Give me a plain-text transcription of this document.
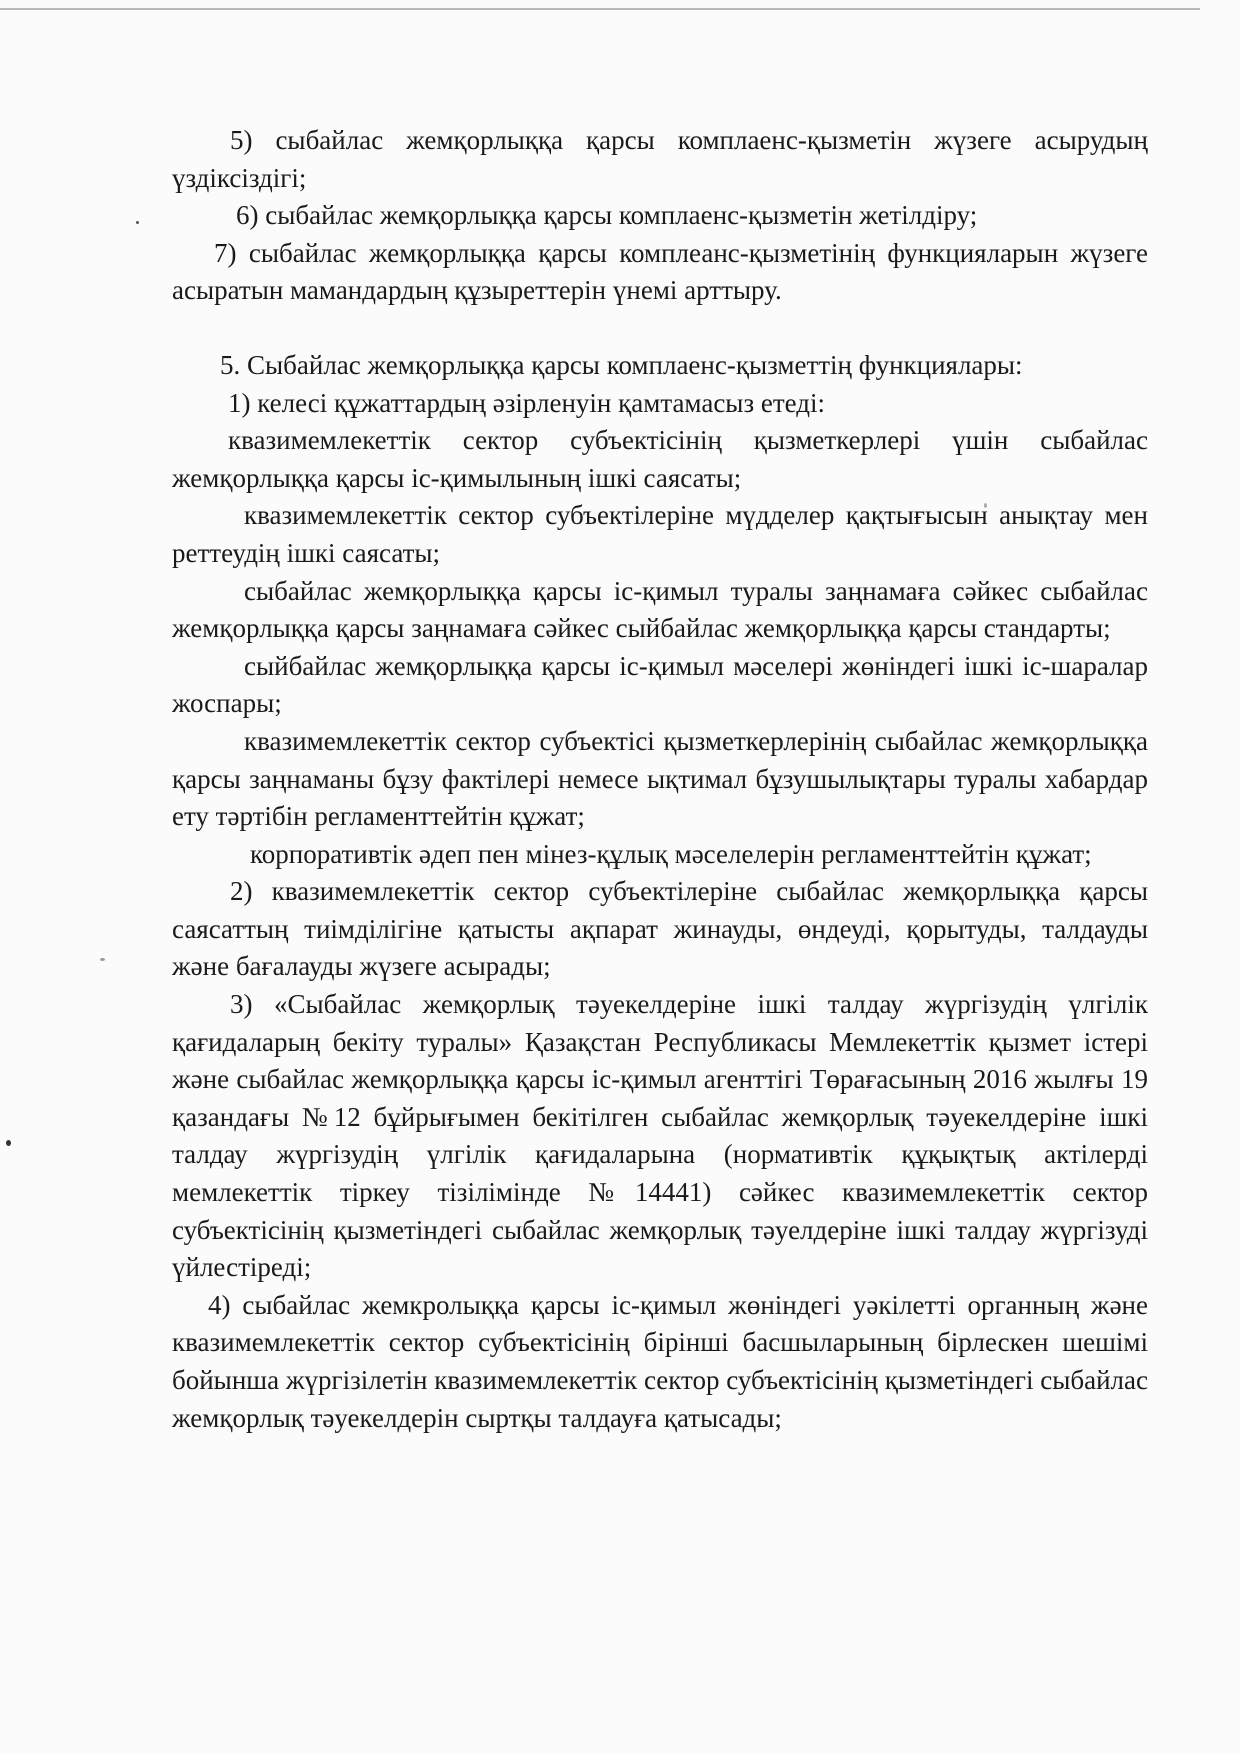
5) сыбайлас жемқорлыққа қарсы комплаенс-қызметін жүзеге асырудың үздіксіздігі;

6) сыбайлас жемқорлыққа қарсы комплаенс-қызметін жетілдіру;

7) сыбайлас жемқорлыққа қарсы комплеанс-қызметінің функцияларын жүзеге асыратын мамандардың құзыреттерін үнемі арттыру.

5. Сыбайлас жемқорлыққа қарсы комплаенс-қызметтің функциялары:

1) келесі құжаттардың әзірленуін қамтамасыз етеді:

квазимемлекеттік сектор субъектісінің қызметкерлері үшін сыбайлас жемқорлыққа қарсы іс-қимылының ішкі саясаты;

квазимемлекеттік сектор субъектілеріне мүдделер қақтығысын анықтау мен реттеудің ішкі саясаты;

сыбайлас жемқорлыққа қарсы іс-қимыл туралы заңнамаға сәйкес сыбайлас жемқорлыққа қарсы заңнамаға сәйкес сыйбайлас жемқорлыққа қарсы стандарты;

сыйбайлас жемқорлыққа қарсы іс-қимыл мәселері жөніндегі ішкі іс-шаралар жоспары;

квазимемлекеттік сектор субъектісі қызметкерлерінің сыбайлас жемқорлыққа қарсы заңнаманы бұзу фактілері немесе ықтимал бұзушылықтары туралы хабардар ету тәртібін регламенттейтін құжат;

корпоративтік әдеп пен мінез-құлық мәселелерін регламенттейтін құжат;

2) квазимемлекеттік сектор субъектілеріне сыбайлас жемқорлыққа қарсы саясаттың тиімділігіне қатысты ақпарат жинауды, өндеуді, қорытуды, талдауды және бағалауды жүзеге асырады;

3) «Сыбайлас жемқорлық тәуекелдеріне ішкі талдау жүргізудің үлгілік қағидаларың бекіту туралы» Қазақстан Республикасы Мемлекеттік қызмет істері және сыбайлас жемқорлыққа қарсы іс-қимыл агенттігі Төрағасының 2016 жылғы 19 қазандағы №12 бұйрығымен бекітілген сыбайлас жемқорлық тәуекелдеріне ішкі талдау жүргізудің үлгілік қағидаларына (нормативтік құқықтық актілерді мемлекеттік тіркеу тізілімінде №14441) сәйкес квазимемлекеттік сектор субъектісінің қызметіндегі сыбайлас жемқорлық тәуелдеріне ішкі талдау жүргізуді үйлестіреді;

4) сыбайлас жемкролыққа қарсы іс-қимыл жөніндегі уәкілетті органның және квазимемлекеттік сектор субъектісінің бірінші басшыларының бірлескен шешімі бойынша жүргізілетін квазимемлекеттік сектор субъектісінің қызметіндегі сыбайлас жемқорлық тәуекелдерін сыртқы талдауға қатысады;
